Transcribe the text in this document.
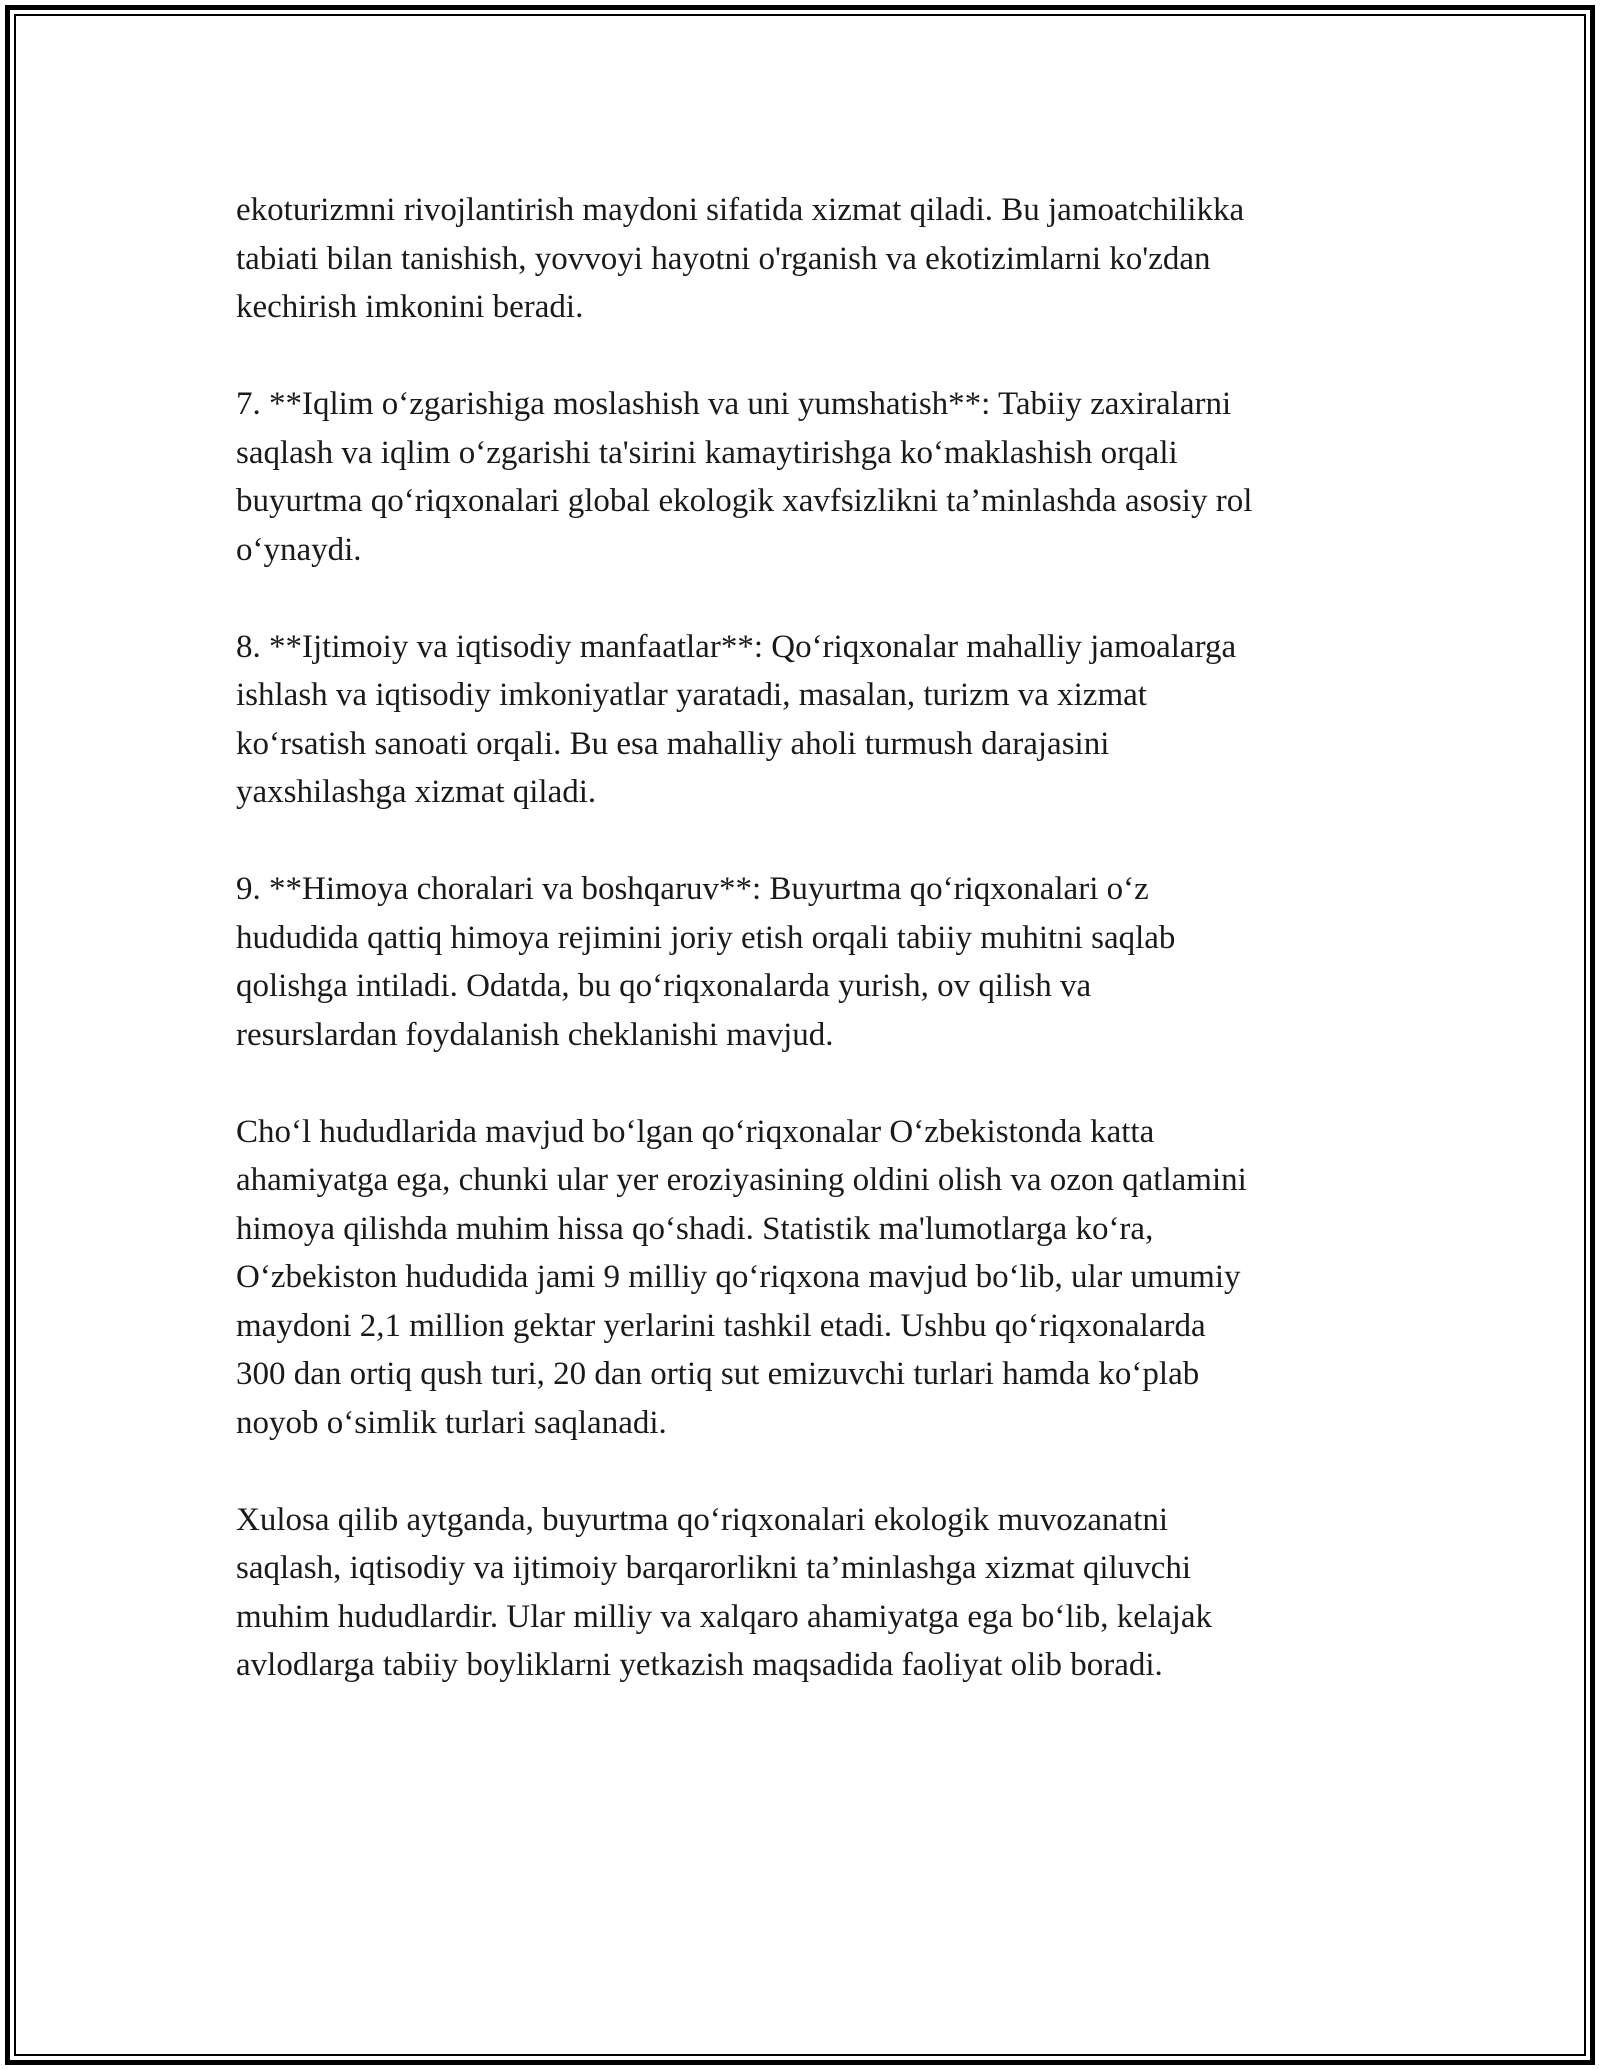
ekoturizmni rivojlantirish maydoni sifatida xizmat qiladi. Bu jamoatchilikka
tabiati bilan tanishish, yovvoyi hayotni o'rganish va ekotizimlarni ko'zdan
kechirish imkonini beradi.

7. **Iqlim o‘zgarishiga moslashish va uni yumshatish**: Tabiiy zaxiralarni
saqlash va iqlim o‘zgarishi ta'sirini kamaytirishga ko‘maklashish orqali
buyurtma qo‘riqxonalari global ekologik xavfsizlikni ta’minlashda asosiy rol
o‘ynaydi.

8. **Ijtimoiy va iqtisodiy manfaatlar**: Qo‘riqxonalar mahalliy jamoalarga
ishlash va iqtisodiy imkoniyatlar yaratadi, masalan, turizm va xizmat
ko‘rsatish sanoati orqali. Bu esa mahalliy aholi turmush darajasini
yaxshilashga xizmat qiladi.

9. **Himoya choralari va boshqaruv**: Buyurtma qo‘riqxonalari o‘z
hududida qattiq himoya rejimini joriy etish orqali tabiiy muhitni saqlab
qolishga intiladi. Odatda, bu qo‘riqxonalarda yurish, ov qilish va
resurslardan foydalanish cheklanishi mavjud.

Cho‘l hududlarida mavjud bo‘lgan qo‘riqxonalar O‘zbekistonda katta
ahamiyatga ega, chunki ular yer eroziyasining oldini olish va ozon qatlamini
himoya qilishda muhim hissa qo‘shadi. Statistik ma'lumotlarga ko‘ra,
O‘zbekiston hududida jami 9 milliy qo‘riqxona mavjud bo‘lib, ular umumiy
maydoni 2,1 million gektar yerlarini tashkil etadi. Ushbu qo‘riqxonalarda
300 dan ortiq qush turi, 20 dan ortiq sut emizuvchi turlari hamda ko‘plab
noyob o‘simlik turlari saqlanadi.

Xulosa qilib aytganda, buyurtma qo‘riqxonalari ekologik muvozanatni
saqlash, iqtisodiy va ijtimoiy barqarorlikni ta’minlashga xizmat qiluvchi
muhim hududlardir. Ular milliy va xalqaro ahamiyatga ega bo‘lib, kelajak
avlodlarga tabiiy boyliklarni yetkazish maqsadida faoliyat olib boradi.
